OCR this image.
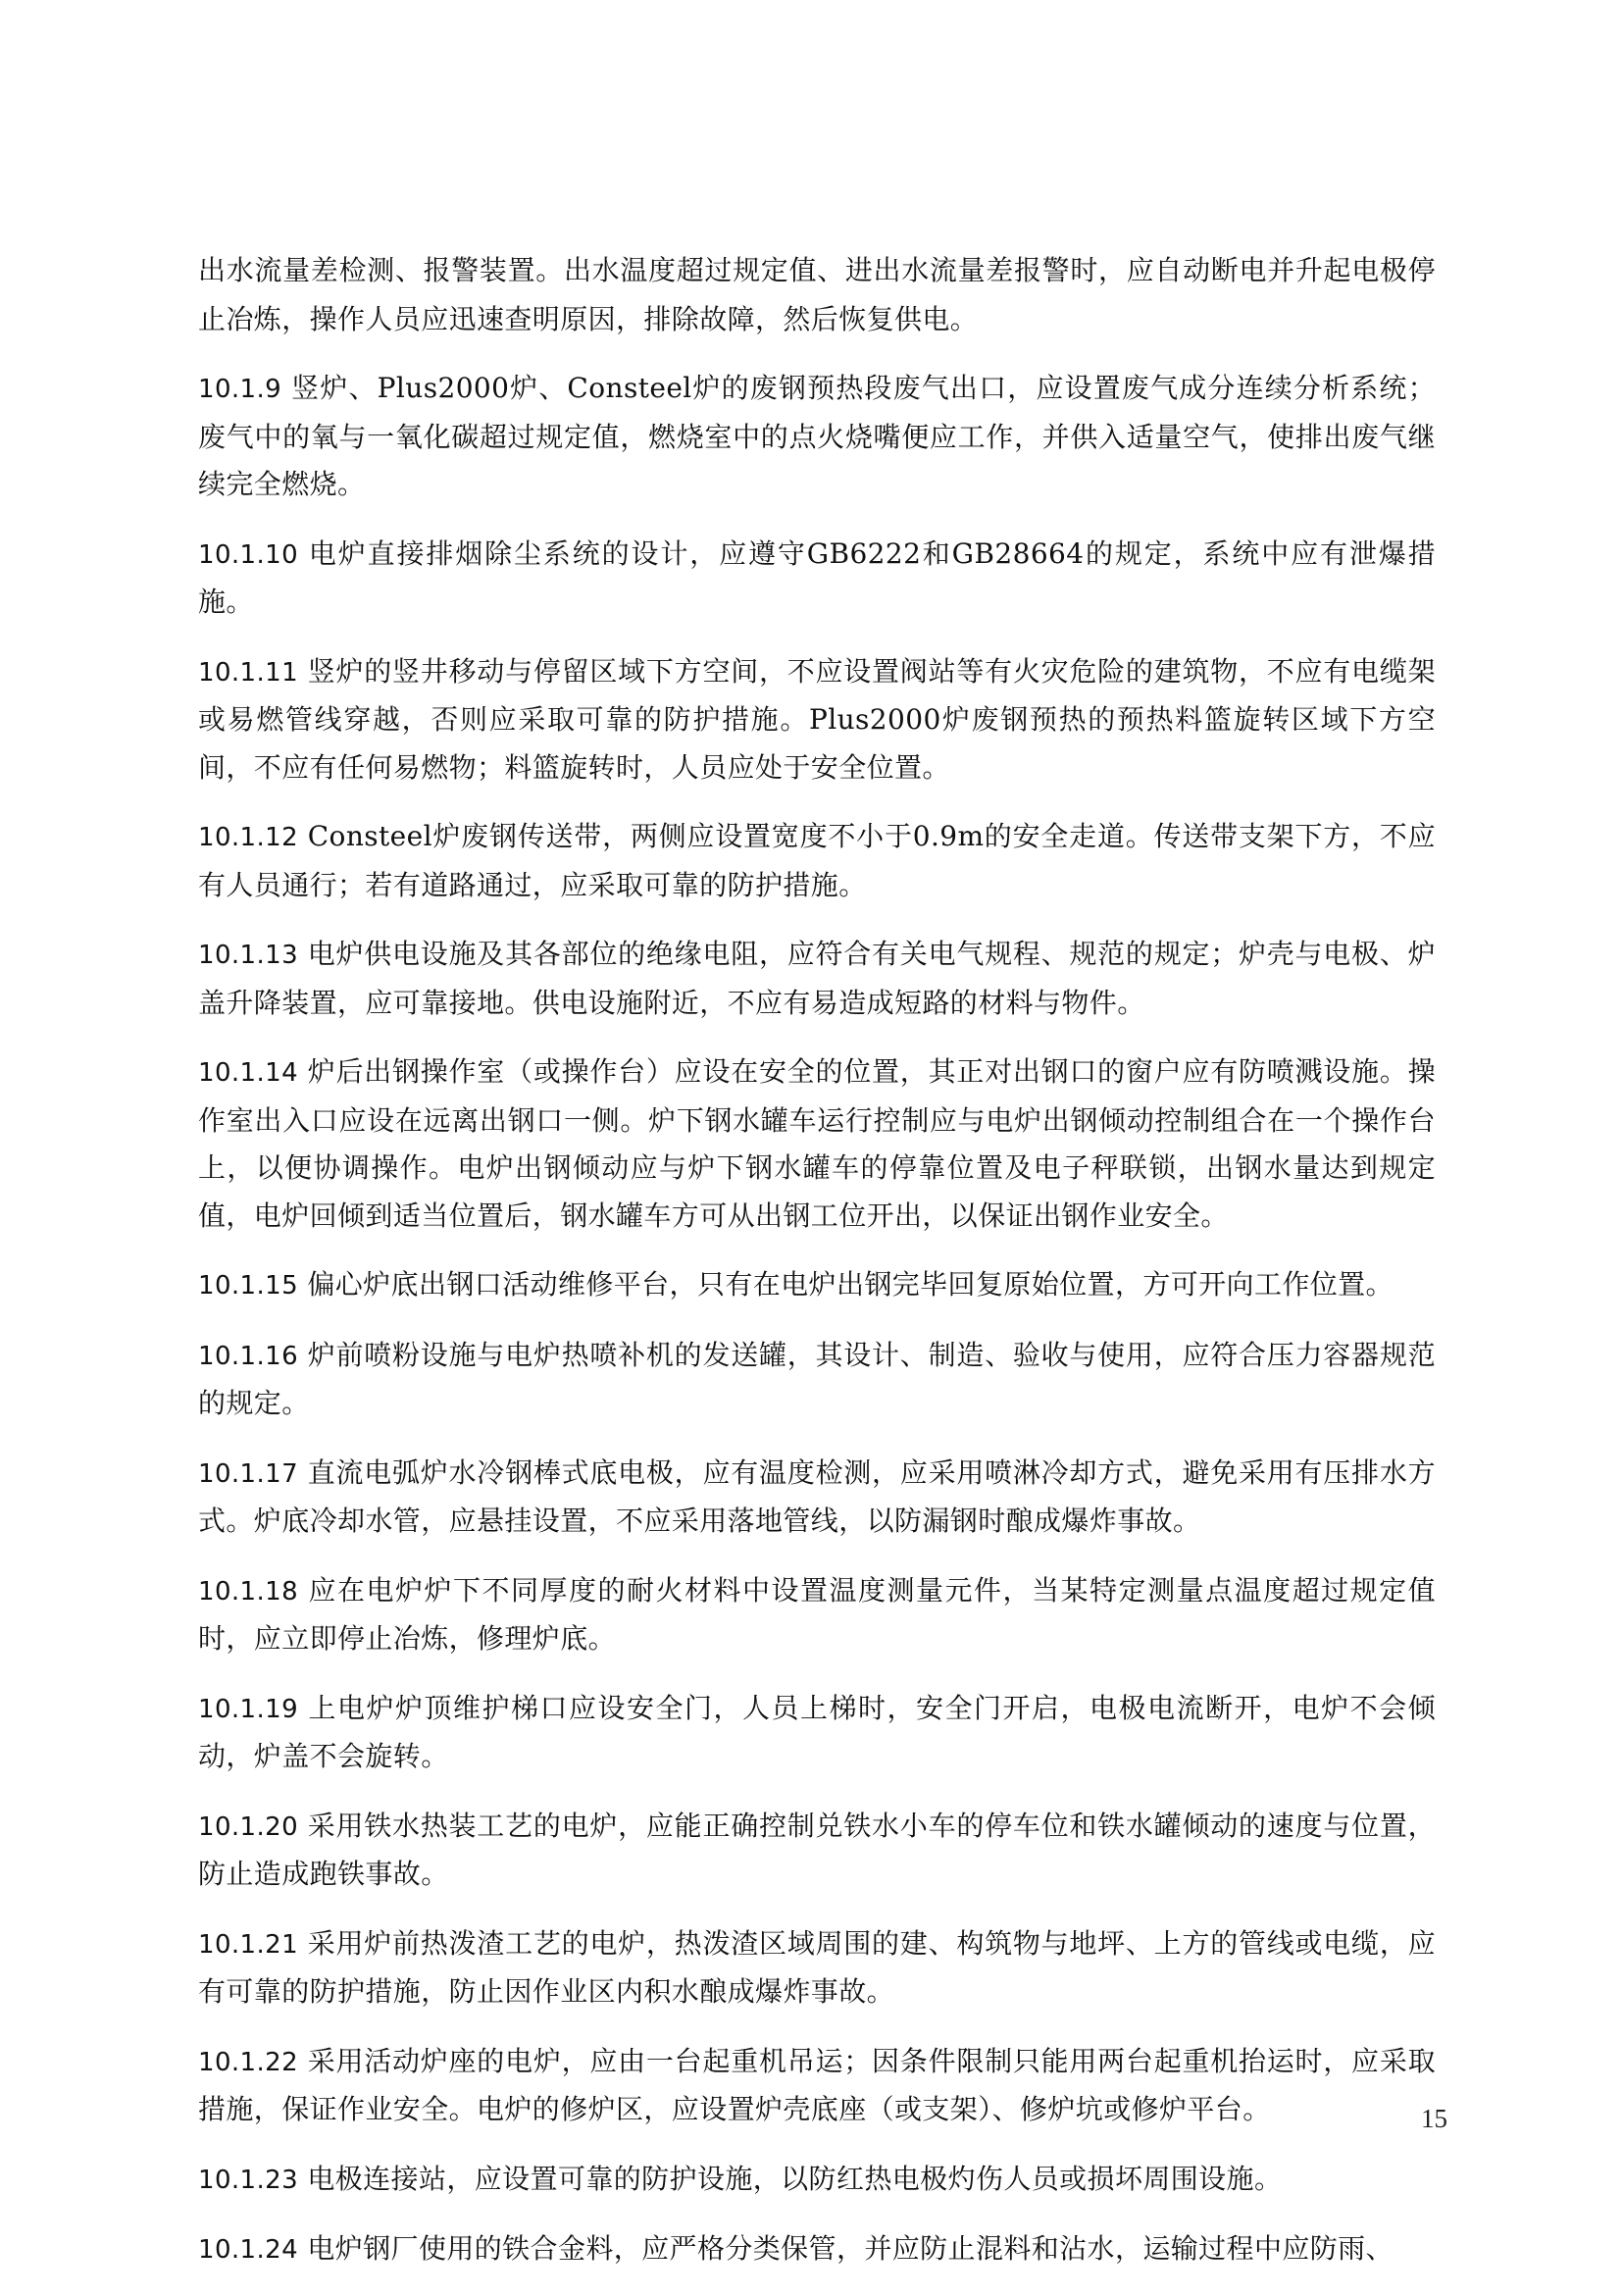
出水流量差检测、报警装置。出水温度超过规定值、进出水流量差报警时，应自动断电并升起电极停止冶炼，操作人员应迅速查明原因，排除故障，然后恢复供电。

10.1.9 竖炉、Plus2000炉、Consteel炉的废钢预热段废气出口，应设置废气成分连续分析系统；废气中的氧与一氧化碳超过规定值，燃烧室中的点火烧嘴便应工作，并供入适量空气，使排出废气继续完全燃烧。

10.1.10 电炉直接排烟除尘系统的设计，应遵守GB6222和GB28664的规定，系统中应有泄爆措施。

10.1.11 竖炉的竖井移动与停留区域下方空间，不应设置阀站等有火灾危险的建筑物，不应有电缆架或易燃管线穿越，否则应采取可靠的防护措施。Plus2000炉废钢预热的预热料篮旋转区域下方空间，不应有任何易燃物；料篮旋转时，人员应处于安全位置。

10.1.12 Consteel炉废钢传送带，两侧应设置宽度不小于0.9m的安全走道。传送带支架下方，不应有人员通行；若有道路通过，应采取可靠的防护措施。

10.1.13 电炉供电设施及其各部位的绝缘电阻，应符合有关电气规程、规范的规定；炉壳与电极、炉盖升降装置，应可靠接地。供电设施附近，不应有易造成短路的材料与物件。

10.1.14 炉后出钢操作室（或操作台）应设在安全的位置，其正对出钢口的窗户应有防喷溅设施。操作室出入口应设在远离出钢口一侧。炉下钢水罐车运行控制应与电炉出钢倾动控制组合在一个操作台上，以便协调操作。电炉出钢倾动应与炉下钢水罐车的停靠位置及电子秤联锁，出钢水量达到规定值，电炉回倾到适当位置后，钢水罐车方可从出钢工位开出，以保证出钢作业安全。

10.1.15 偏心炉底出钢口活动维修平台，只有在电炉出钢完毕回复原始位置，方可开向工作位置。

10.1.16 炉前喷粉设施与电炉热喷补机的发送罐，其设计、制造、验收与使用，应符合压力容器规范的规定。

10.1.17 直流电弧炉水冷钢棒式底电极，应有温度检测，应采用喷淋冷却方式，避免采用有压排水方式。炉底冷却水管，应悬挂设置，不应采用落地管线，以防漏钢时酿成爆炸事故。

10.1.18 应在电炉炉下不同厚度的耐火材料中设置温度测量元件，当某特定测量点温度超过规定值时，应立即停止冶炼，修理炉底。

10.1.19 上电炉炉顶维护梯口应设安全门，人员上梯时，安全门开启，电极电流断开，电炉不会倾动，炉盖不会旋转。

10.1.20 采用铁水热装工艺的电炉，应能正确控制兑铁水小车的停车位和铁水罐倾动的速度与位置，防止造成跑铁事故。

10.1.21 采用炉前热泼渣工艺的电炉，热泼渣区域周围的建、构筑物与地坪、上方的管线或电缆，应有可靠的防护措施，防止因作业区内积水酿成爆炸事故。

10.1.22 采用活动炉座的电炉，应由一台起重机吊运；因条件限制只能用两台起重机抬运时，应采取措施，保证作业安全。电炉的修炉区，应设置炉壳底座（或支架）、修炉坑或修炉平台。

10.1.23 电极连接站，应设置可靠的防护设施，以防红热电极灼伤人员或损坏周围设施。

10.1.24 电炉钢厂使用的铁合金料，应严格分类保管，并应防止混料和沾水，运输过程中应防雨、

15
